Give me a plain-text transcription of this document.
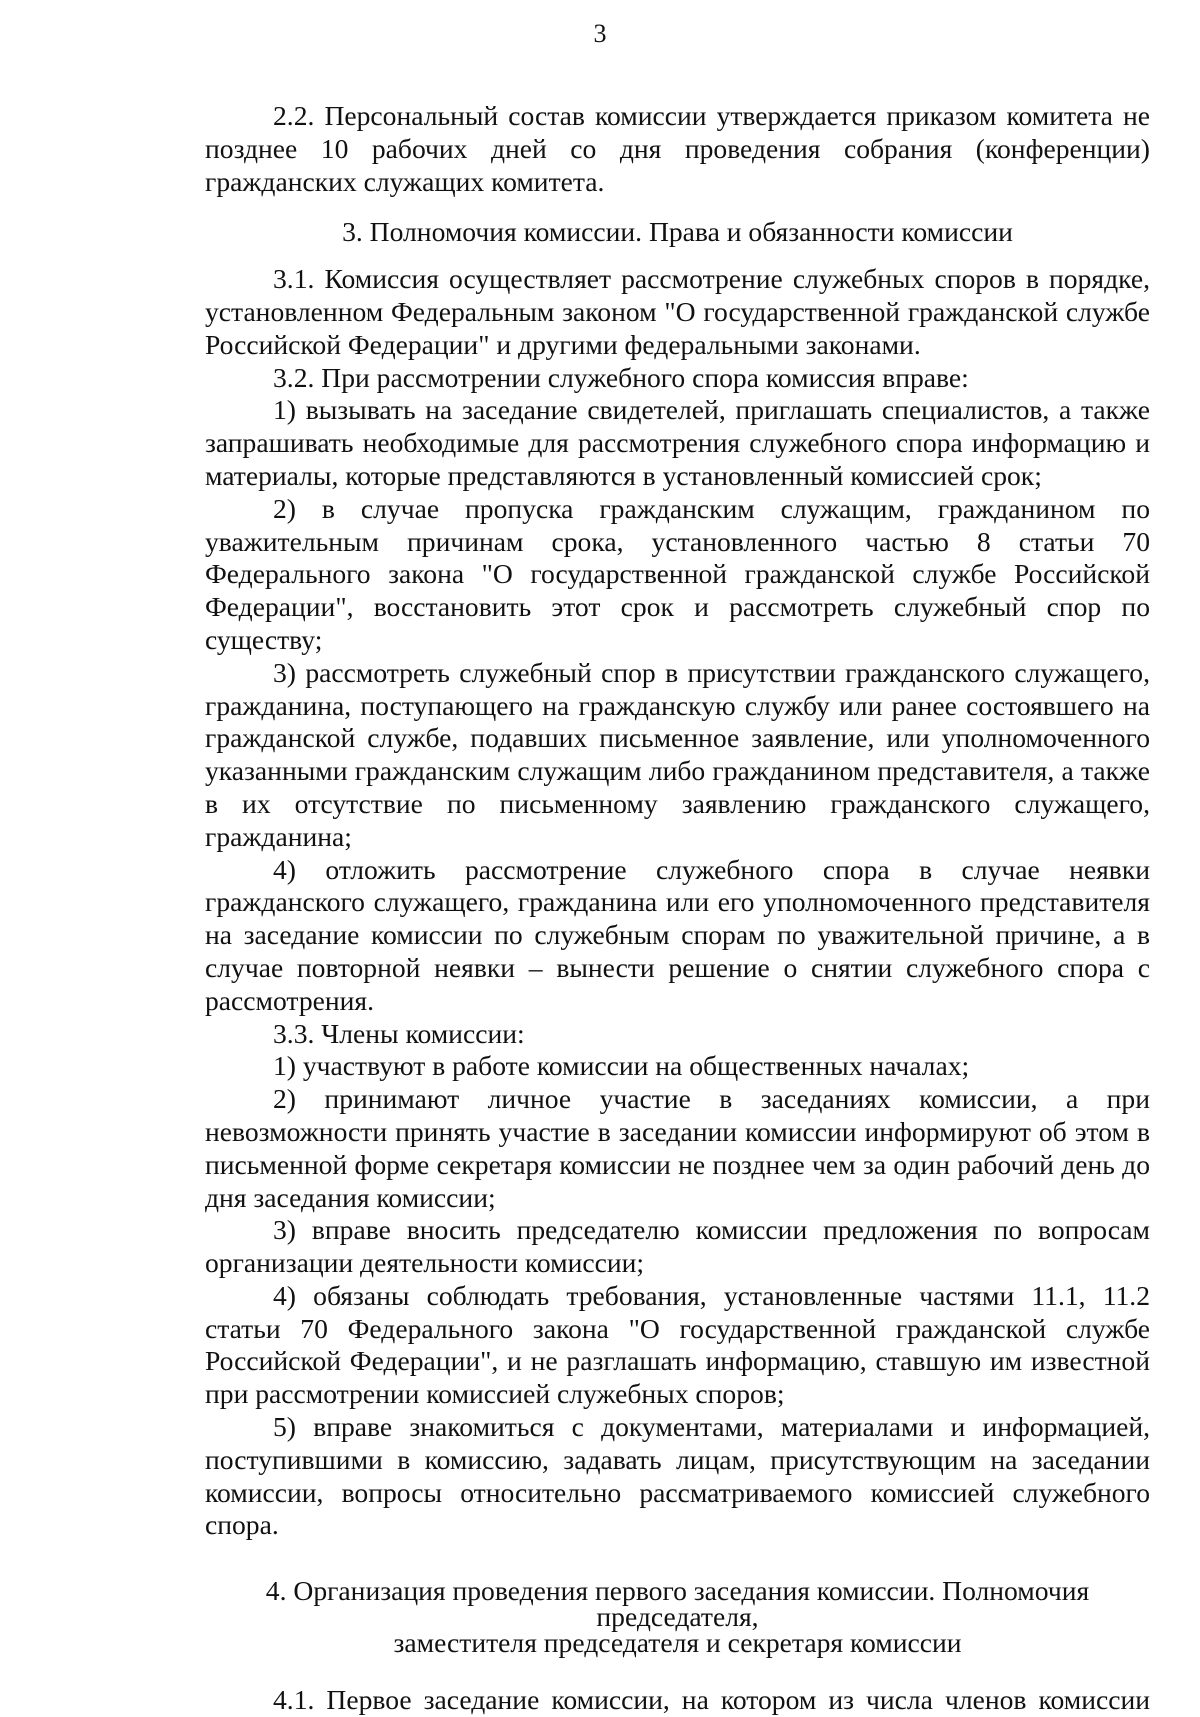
3

2.2. Персональный состав комиссии утверждается приказом комитета не позднее 10 рабочих дней со дня проведения собрания (конференции) гражданских служащих комитета.

3. Полномочия комиссии. Права и обязанности комиссии

3.1. Комиссия осуществляет рассмотрение служебных споров в порядке, установленном Федеральным законом "О государственной гражданской службе Российской Федерации" и другими федеральными законами.

3.2. При рассмотрении служебного спора комиссия вправе:

1) вызывать на заседание свидетелей, приглашать специалистов, а также запрашивать необходимые для рассмотрения служебного спора информацию и материалы, которые представляются в установленный комиссией срок;

2) в случае пропуска гражданским служащим, гражданином по уважительным причинам срока, установленного частью 8 статьи 70 Федерального закона "О государственной гражданской службе Российской Федерации", восстановить этот срок и рассмотреть служебный спор по существу;

3) рассмотреть служебный спор в присутствии гражданского служащего, гражданина, поступающего на гражданскую службу или ранее состоявшего на гражданской службе, подавших письменное заявление, или уполномоченного указанными гражданским служащим либо гражданином представителя, а также в их отсутствие по письменному заявлению гражданского служащего, гражданина;

4) отложить рассмотрение служебного спора в случае неявки гражданского служащего, гражданина или его уполномоченного представителя на заседание комиссии по служебным спорам по уважительной причине, а в случае повторной неявки – вынести решение о снятии служебного спора с рассмотрения.

3.3. Члены комиссии:

1) участвуют в работе комиссии на общественных началах;

2) принимают личное участие в заседаниях комиссии, а при невозможности принять участие в заседании комиссии информируют об этом в письменной форме секретаря комиссии не позднее чем за один рабочий день до дня заседания комиссии;

3) вправе вносить председателю комиссии предложения по вопросам организации деятельности комиссии;

4) обязаны соблюдать требования, установленные частями 11.1, 11.2 статьи 70 Федерального закона "О государственной гражданской службе Российской Федерации", и не разглашать информацию, ставшую им известной при рассмотрении комиссией служебных споров;

5) вправе знакомиться с документами, материалами и информацией, поступившими в комиссию, задавать лицам, присутствующим на заседании комиссии, вопросы относительно рассматриваемого комиссией служебного спора.

4. Организация проведения первого заседания комиссии. Полномочия председателя,
заместителя председателя и секретаря комиссии

4.1. Первое заседание комиссии, на котором из числа членов комиссии
